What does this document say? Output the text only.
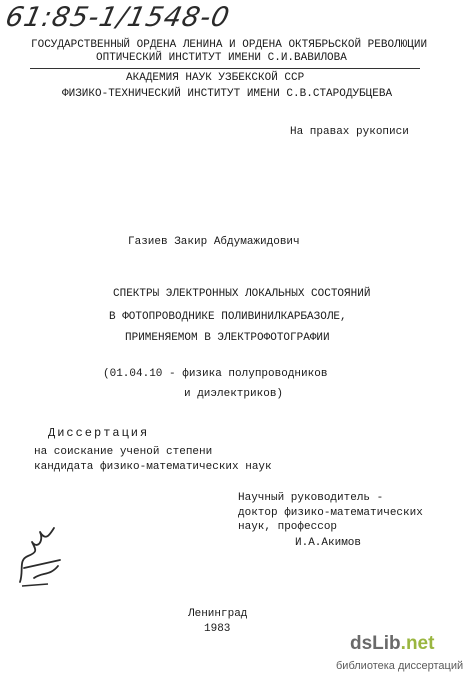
61:85-1/1548-0
ГОСУДАРСТВЕННЫЙ ОРДЕНА ЛЕНИНА И ОРДЕНА ОКТЯБРЬСКОЙ РЕВОЛЮЦИИ
ОПТИЧЕСКИЙ ИНСТИТУТ ИМЕНИ С.И.ВАВИЛОВА
АКАДЕМИЯ НАУК УЗБЕКСКОЙ ССР
ФИЗИКО-ТЕХНИЧЕСКИЙ ИНСТИТУТ ИМЕНИ С.В.СТАРОДУБЦЕВА
На правах рукописи
Газиев Закир Абдумажидович
СПЕКТРЫ ЭЛЕКТРОННЫХ ЛОКАЛЬНЫХ СОСТОЯНИЙ
В ФОТОПРОВОДНИКЕ ПОЛИВИНИЛКАРБАЗОЛЕ,
ПРИМЕНЯЕМОМ В ЭЛЕКТРОФОТОГРАФИИ
(01.04.10 - физика полупроводников
и диэлектриков)
Диссертация
на соискание ученой степени
кандидата физико-математических наук
Научный руководитель -
доктор физико-математических
наук, профессор
И.А.Акимов
Ленинград
1983
dsLib.net
библиотека диссертаций
